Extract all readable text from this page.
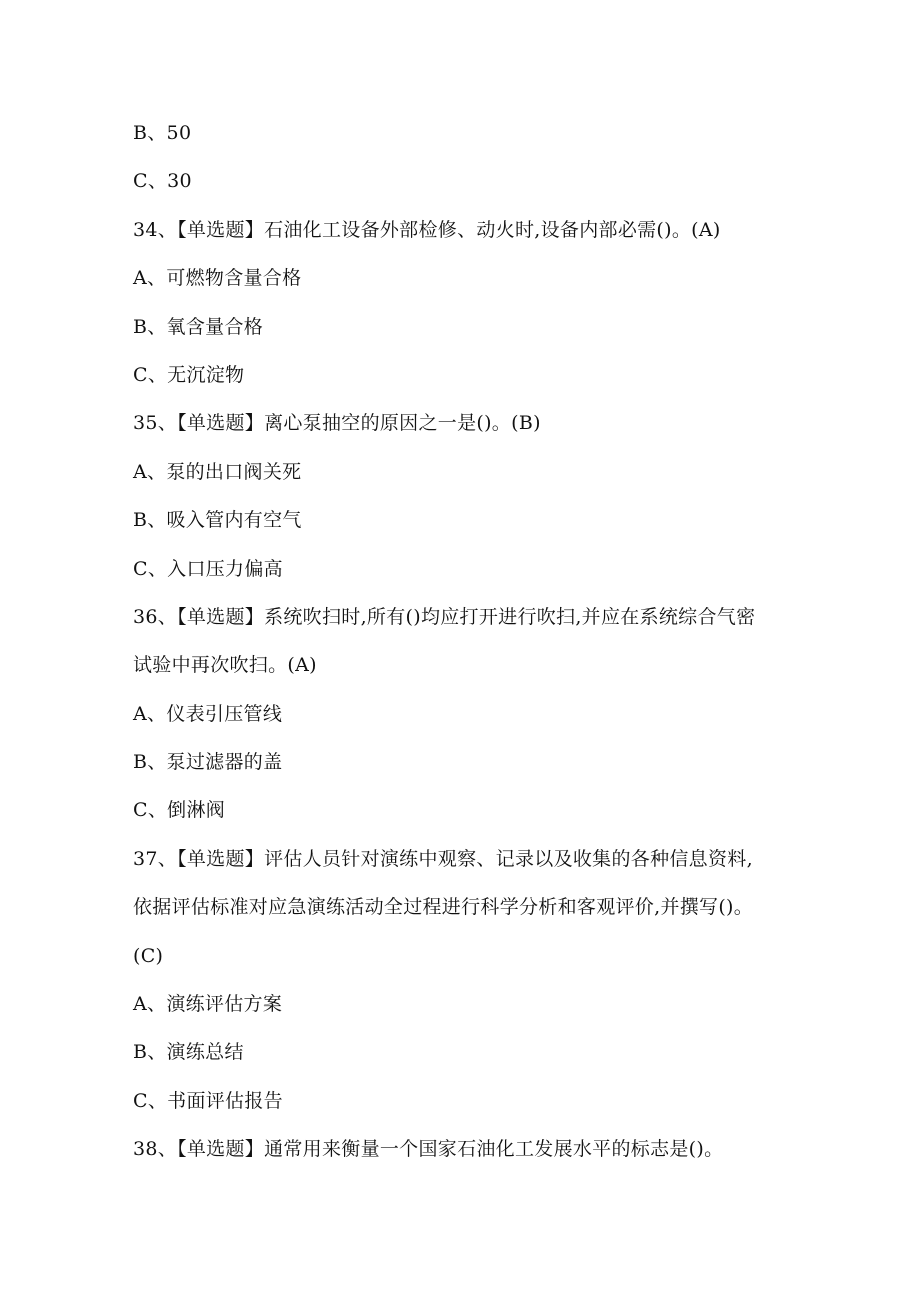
B、50
C、30
34、【单选题】石油化工设备外部检修、动火时,设备内部必需()。(A)
A、可燃物含量合格
B、氧含量合格
C、无沉淀物
35、【单选题】离心泵抽空的原因之一是()。(B)
A、泵的出口阀关死
B、吸入管内有空气
C、入口压力偏高
36、【单选题】系统吹扫时,所有()均应打开进行吹扫,并应在系统综合气密
试验中再次吹扫。(A)
A、仪表引压管线
B、泵过滤器的盖
C、倒淋阀
37、【单选题】评估人员针对演练中观察、记录以及收集的各种信息资料,
依据评估标准对应急演练活动全过程进行科学分析和客观评价,并撰写()。
(C)
A、演练评估方案
B、演练总结
C、书面评估报告
38、【单选题】通常用来衡量一个国家石油化工发展水平的标志是()。
